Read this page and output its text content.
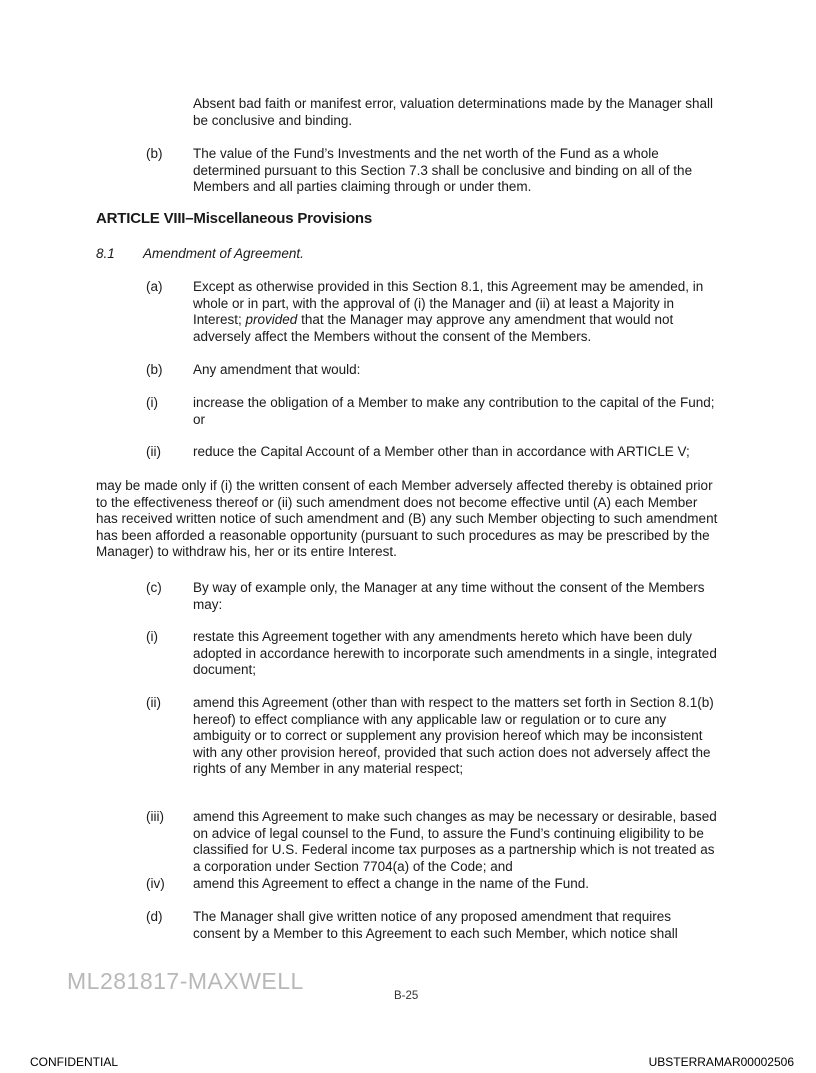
Absent bad faith or manifest error, valuation determinations made by the Manager shall be conclusive and binding.

(b) The value of the Fund’s Investments and the net worth of the Fund as a whole determined pursuant to this Section 7.3 shall be conclusive and binding on all of the Members and all parties claiming through or under them.

ARTICLE VIII–Miscellaneous Provisions
8.1 Amendment of Agreement.
(a) Except as otherwise provided in this Section 8.1, this Agreement may be amended, in whole or in part, with the approval of (i) the Manager and (ii) at least a Majority in Interest; provided that the Manager may approve any amendment that would not adversely affect the Members without the consent of the Members.

(b) Any amendment that would:

(i)	increase the obligation of a Member to make any contribution to the capital of the Fund; or

(ii) reduce the Capital Account of a Member other than in accordance with ARTICLE V;

may be made only if (i) the written consent of each Member adversely affected thereby is obtained prior to the effectiveness thereof or (ii) such amendment does not become effective until (A) each Member has received written notice of such amendment and (B) any such Member objecting to such amendment has been afforded a reasonable opportunity (pursuant to such procedures as may be prescribed by the Manager) to withdraw his, her or its entire Interest.

(c) By way of example only, the Manager at any time without the consent of the Members may:

(i)	restate this Agreement together with any amendments hereto which have been duly adopted in accordance herewith to incorporate such amendments in a single, integrated document;

(ii) amend this Agreement (other than with respect to the matters set forth in Section 8.1(b) hereof) to effect compliance with any applicable law or regulation or to cure any ambiguity or to correct or supplement any provision hereof which may be inconsistent with any other provision hereof, provided that such action does not adversely affect the rights of any Member in any material respect;

(iii) amend this Agreement to make such changes as may be necessary or desirable, based on advice of legal counsel to the Fund, to assure the Fund’s continuing eligibility to be classified for U.S. Federal income tax purposes as a partnership which is not treated as a corporation under Section 7704(a) of the Code; and

(iv) amend this Agreement to effect a change in the name of the Fund.

(d) The Manager shall give written notice of any proposed amendment that requires consent by a Member to this Agreement to each such Member, which notice shall

ML281817-MAXWELL
B-25
CONFIDENTIAL	UBSTERRAMAR00002506
